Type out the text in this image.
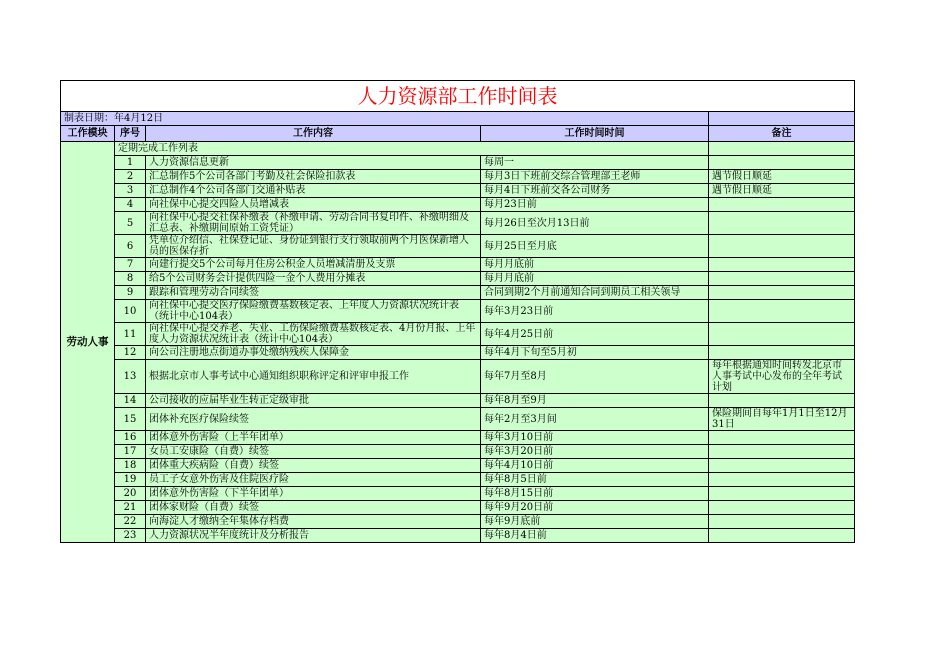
人力资源部工作时间表				
制表日期：年4月12日				
工作模块	序号	工作内容	工作时间时间	备注
劳动人事	定期完成工作列表			
	1	人力资源信息更新	每周一	
	2	汇总制作5个公司各部门考勤及社会保险扣款表	每月3日下班前交综合管理部王老师	遇节假日顺延
	3	汇总制作4个公司各部门交通补贴表	每月4日下班前交各公司财务	遇节假日顺延
	4	向社保中心提交四险人员增减表	每月23日前	
	5	向社保中心提交社保补缴表（补缴申请、劳动合同书复印件、补缴明细及汇总表、补缴期间原始工资凭证）	每月26日至次月13日前	
	6	凭单位介绍信、社保登记证、身份证到银行支行领取前两个月医保新增人员的医保存折	每月25日至月底	
	7	向建行提交5个公司每月住房公积金人员增减清册及支票	每月月底前	
	8	给5个公司财务会计提供四险一金个人费用分摊表	每月月底前	
	9	跟踪和管理劳动合同续签	合同到期2个月前通知合同到期员工相关领导	
	10	向社保中心提交医疗保险缴费基数核定表、上年度人力资源状况统计表（统计中心104表）	每年3月23日前	
	11	向社保中心提交养老、失业、工伤保险缴费基数核定表、4月份月报、上年度人力资源状况统计表（统计中心104表）	每年4月25日前	
	12	向公司注册地点街道办事处缴纳残疾人保障金	每年4月下旬至5月初	
	13	根据北京市人事考试中心通知组织职称评定和评审申报工作	每年7月至8月	每年根据通知时间转发北京市人事考试中心发布的全年考试计划
	14	公司接收的应届毕业生转正定级审批	每年8月至9月	
	15	团体补充医疗保险续签	每年2月至3月间	保险期间自每年1月1日至12月31日
	16	团体意外伤害险（上半年团单）	每年3月10日前	
	17	女员工安康险（自费）续签	每年3月20日前	
	18	团体重大疾病险（自费）续签	每年4月10日前	
	19	员工子女意外伤害及住院医疗险	每年8月5日前	
	20	团体意外伤害险（下半年团单）	每年8月15日前	
	21	团体家财险（自费）续签	每年9月20日前	
	22	向海淀人才缴纳全年集体存档费	每年9月底前	
	23	人力资源状况半年度统计及分析报告	每年8月4日前	
